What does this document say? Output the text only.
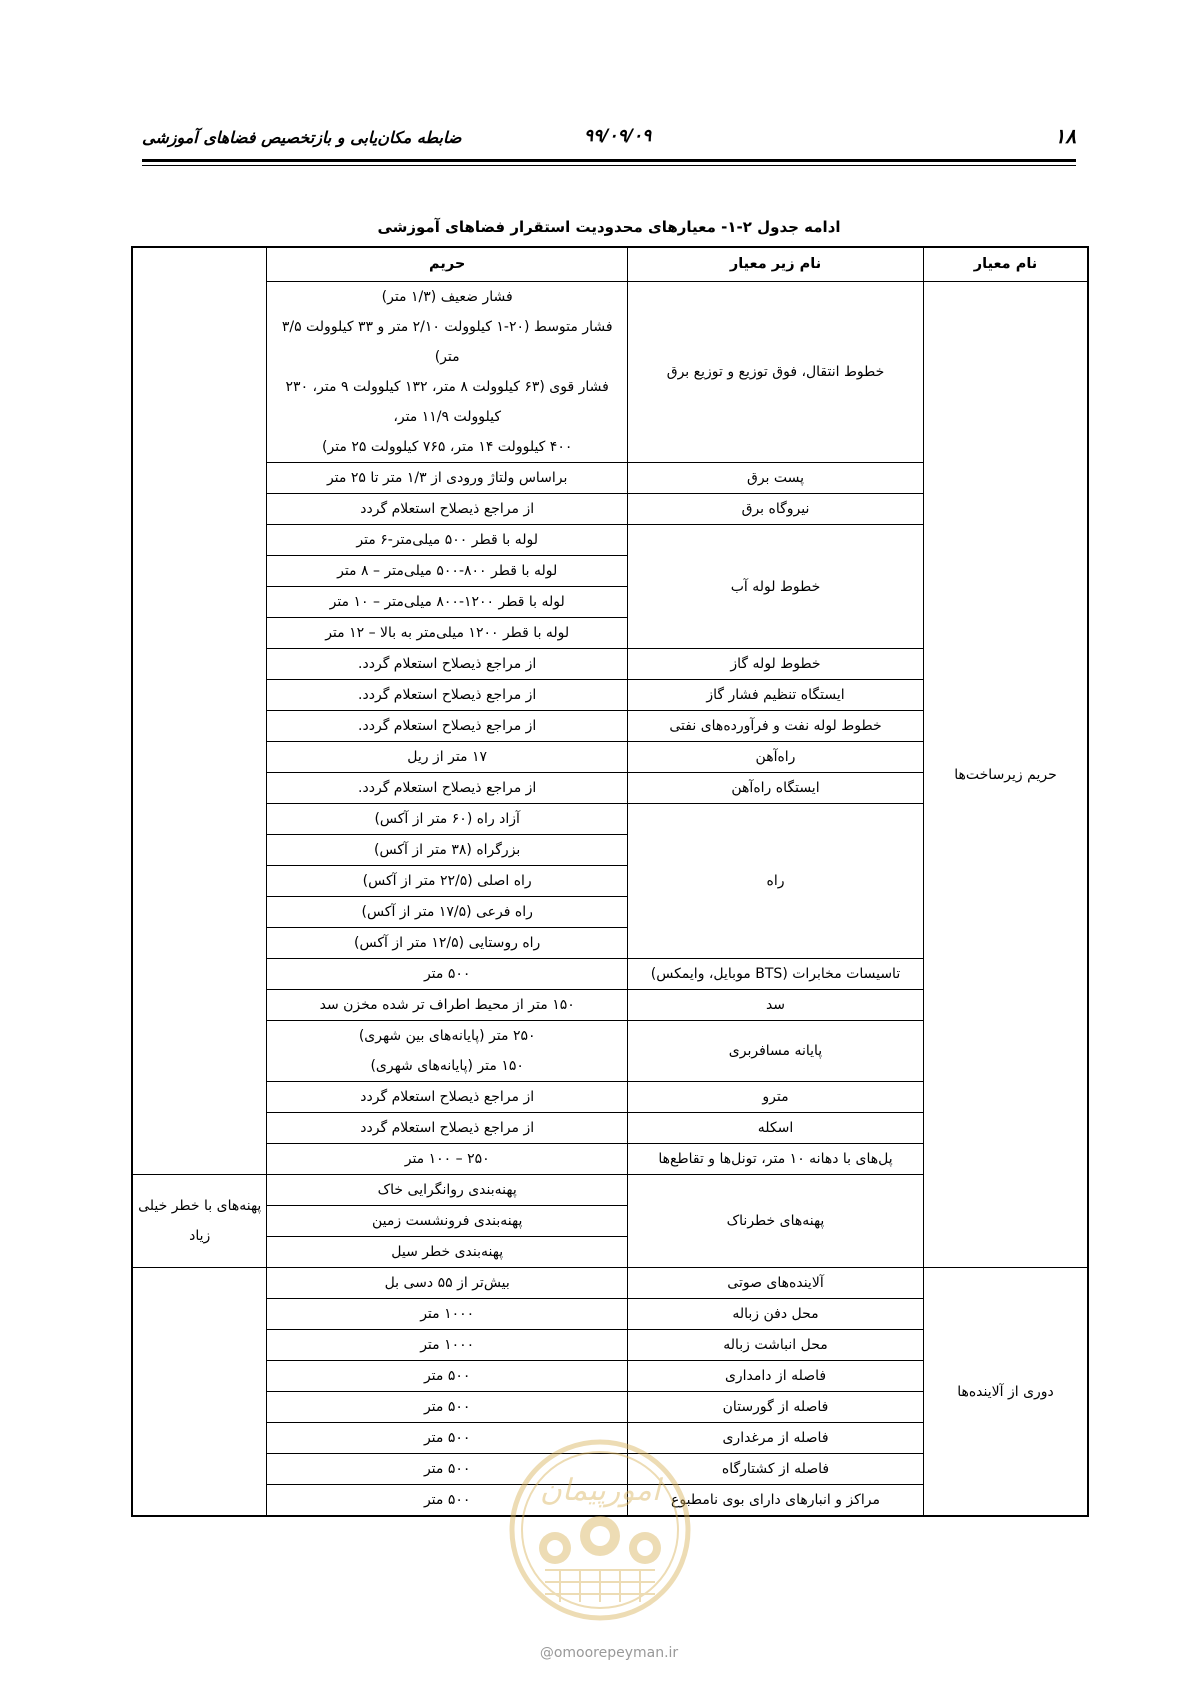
۱۸
۹۹/۰۹/۰۹
ضابطه مکان‌یابی و بازتخصیص فضاهای آموزشی
ادامه جدول ۲-۱- معیارهای محدودیت استقرار فضاهای آموزشی
نام معیار	نام زیر معیار	حریم	
حریم زیرساخت‌ها	خطوط انتقال، فوق توزیع و توزیع برق	فشار ضعیف (۱/۳ متر)
فشار متوسط (۲۰-۱ کیلوولت ۲/۱۰ متر و ۳۳ کیلوولت ۳/۵ متر)
فشار قوی (۶۳ کیلوولت ۸ متر، ۱۳۲ کیلوولت ۹ متر، ۲۳۰ کیلوولت ۱۱/۹ متر،
۴۰۰ کیلوولت ۱۴ متر، ۷۶۵ کیلوولت ۲۵ متر)	

	پست برق	براساس ولتاژ ورودی از ۱/۳ متر تا ۲۵ متر	
	نیروگاه برق	از مراجع ذیصلاح استعلام گردد	
	خطوط لوله آب	لوله با قطر ۵۰۰ میلی‌متر-۶ متر	
		لوله با قطر ۸۰۰-۵۰۰ میلی‌متر – ۸ متر	
		لوله با قطر ۱۲۰۰-۸۰۰ میلی‌متر – ۱۰ متر	
		لوله با قطر ۱۲۰۰ میلی‌متر به بالا – ۱۲ متر	
	خطوط لوله گاز	از مراجع ذیصلاح استعلام گردد.	
	ایستگاه تنظیم فشار گاز	از مراجع ذیصلاح استعلام گردد.	
	خطوط لوله نفت و فرآورده‌های نفتی	از مراجع ذیصلاح استعلام گردد.	
	راه‌آهن	۱۷ متر از ریل	
	ایستگاه راه‌آهن	از مراجع ذیصلاح استعلام گردد.	
	راه	آزاد راه (۶۰ متر از آکس)	
		بزرگراه (۳۸ متر از آکس)	
		راه اصلی (۲۲/۵ متر از آکس)	
		راه فرعی (۱۷/۵ متر از آکس)	
		راه روستایی (۱۲/۵ متر از آکس)	
	تاسیسات مخابرات (BTS موبایل، وایمکس)	۵۰۰ متر	
	سد	۱۵۰ متر از محیط اطراف تر شده مخزن سد	
	پایانه مسافربری	۲۵۰ متر (پایانه‌های بین شهری)
۱۵۰ متر (پایانه‌های شهری)	

	مترو	از مراجع ذیصلاح استعلام گردد	
	اسکله	از مراجع ذیصلاح استعلام گردد	
	پل‌های با دهانه ۱۰ متر، تونل‌ها و تقاطع‌ها	۲۵۰ – ۱۰۰ متر	
	پهنه‌های خطرناک	پهنه‌بندی روانگرایی خاک	پهنه‌های با خطر خیلی زیاد
		پهنه‌بندی فرونشست زمین	
		پهنه‌بندی خطر سیل	
دوری از آلاینده‌ها	آلاینده‌های صوتی	بیش‌تر از ۵۵ دسی بل	
	محل دفن زباله	۱۰۰۰ متر	
	محل انباشت زباله	۱۰۰۰ متر	
	فاصله از دامداری	۵۰۰ متر	
	فاصله از گورستان	۵۰۰ متر	
	فاصله از مرغداری	۵۰۰ متر	
	فاصله از کشتارگاه	۵۰۰ متر	
	مراکز و انبارهای دارای بوی نامطبوع	۵۰۰ متر	امورپیمان
@omoorepeyman.ir
